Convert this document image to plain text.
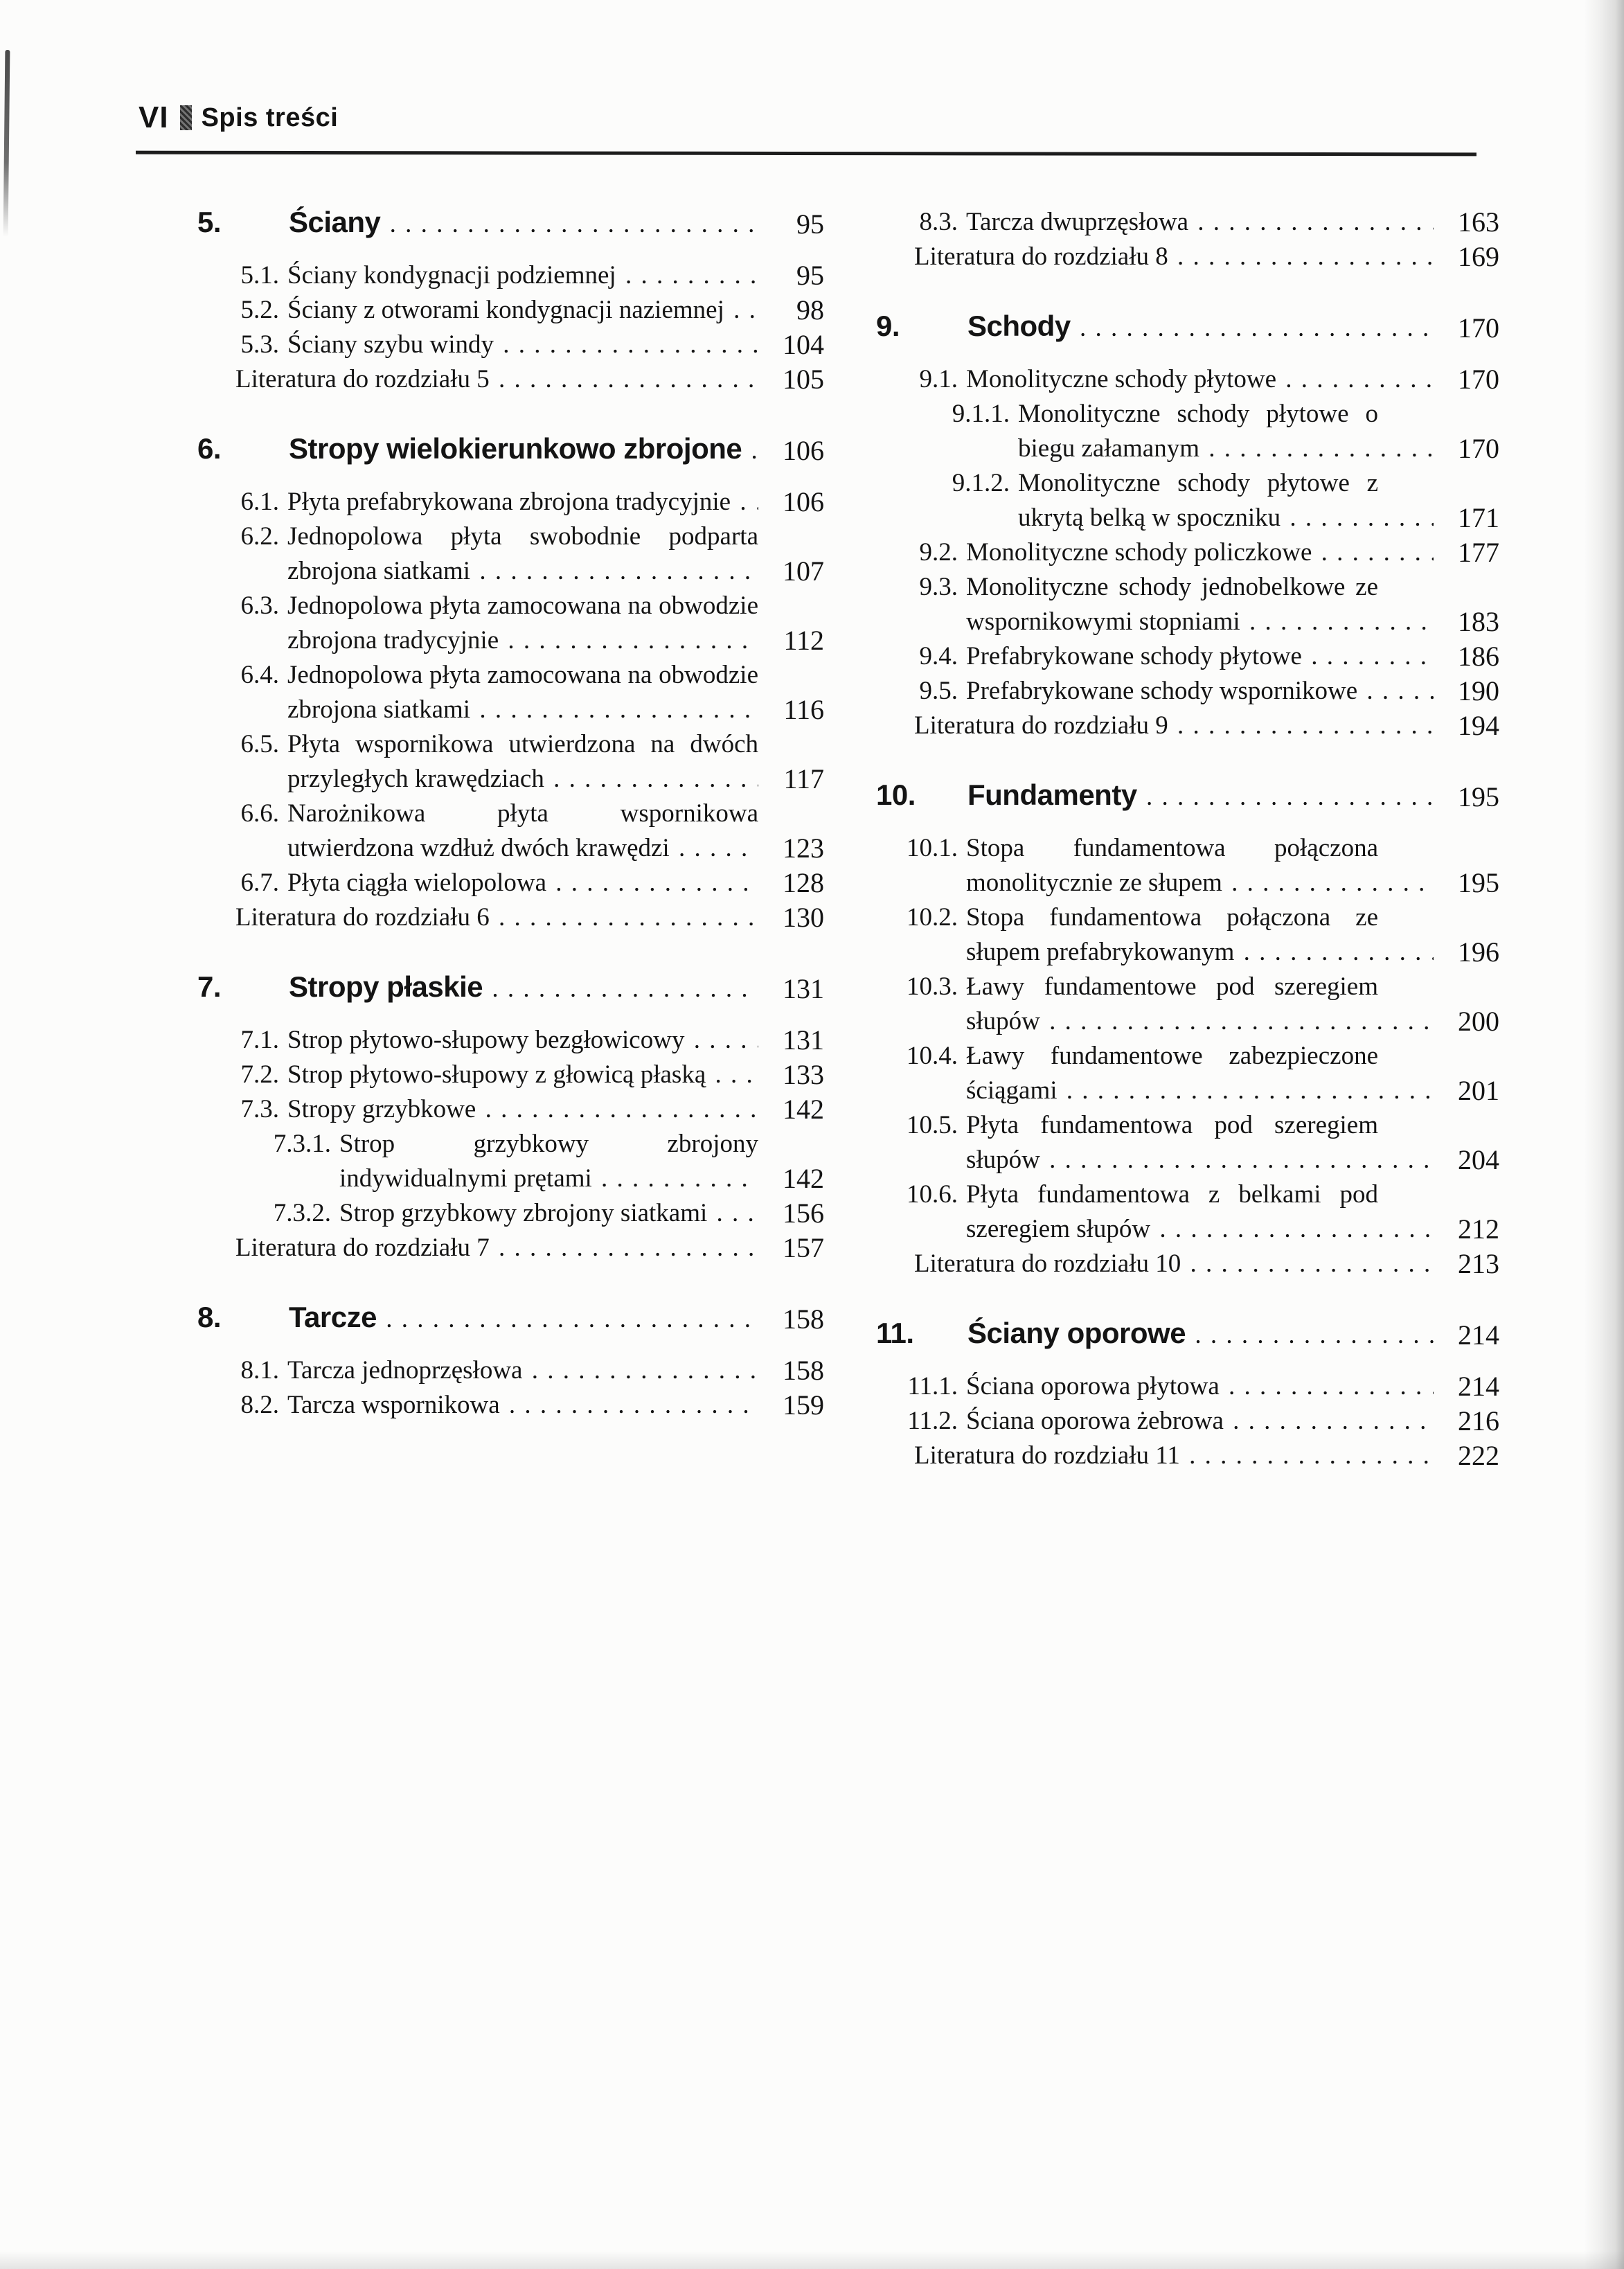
VI Spis treści
5. Ściany	95
5.1. Ściany kondygnacji podziemnej	95
5.2. Ściany z otworami kondygnacji naziemnej	98
5.3. Ściany szybu windy	104
Literatura do rozdziału 5	105
6. Stropy wielokierunkowo zbrojone	106
6.1. Płyta prefabrykowana zbrojona tradycyjnie	106
6.2. Jednopolowa płyta swobodnie podparta zbrojona siatkami	107
6.3. Jednopolowa płyta zamocowana na obwodzie zbrojona tradycyjnie	112
6.4. Jednopolowa płyta zamocowana na obwodzie zbrojona siatkami	116
6.5. Płyta wspornikowa utwierdzona na dwóch przyległych krawędziach	117
6.6. Narożnikowa płyta wspornikowa utwierdzona wzdłuż dwóch krawędzi	123
6.7. Płyta ciągła wielopolowa	128
Literatura do rozdziału 6	130
7. Stropy płaskie	131
7.1. Strop płytowo-słupowy bezgłowicowy	131
7.2. Strop płytowo-słupowy z głowicą płaską	133
7.3. Stropy grzybkowe	142
7.3.1. Strop grzybkowy zbrojony indywidualnymi prętami	142
7.3.2. Strop grzybkowy zbrojony siatkami	156
Literatura do rozdziału 7	157
8. Tarcze	158
8.1. Tarcza jednoprzęsłowa	158
8.2. Tarcza wspornikowa	159
8.3. Tarcza dwuprzęsłowa	163
Literatura do rozdziału 8	169
9. Schody	170
9.1. Monolityczne schody płytowe	170
9.1.1. Monolityczne schody płytowe o biegu załamanym	170
9.1.2. Monolityczne schody płytowe z ukrytą belką w spoczniku	171
9.2. Monolityczne schody policzkowe	177
9.3. Monolityczne schody jednobelkowe ze wspornikowymi stopniami	183
9.4. Prefabrykowane schody płytowe	186
9.5. Prefabrykowane schody wspornikowe	190
Literatura do rozdziału 9	194
10. Fundamenty	195
10.1. Stopa fundamentowa połączona monolitycznie ze słupem	195
10.2. Stopa fundamentowa połączona ze słupem prefabrykowanym	196
10.3. Ławy fundamentowe pod szeregiem słupów	200
10.4. Ławy fundamentowe zabezpieczone ściągami	201
10.5. Płyta fundamentowa pod szeregiem słupów	204
10.6. Płyta fundamentowa z belkami pod szeregiem słupów	212
Literatura do rozdziału 10	213
11. Ściany oporowe	214
11.1. Ściana oporowa płytowa	214
11.2. Ściana oporowa żebrowa	216
Literatura do rozdziału 11	222
